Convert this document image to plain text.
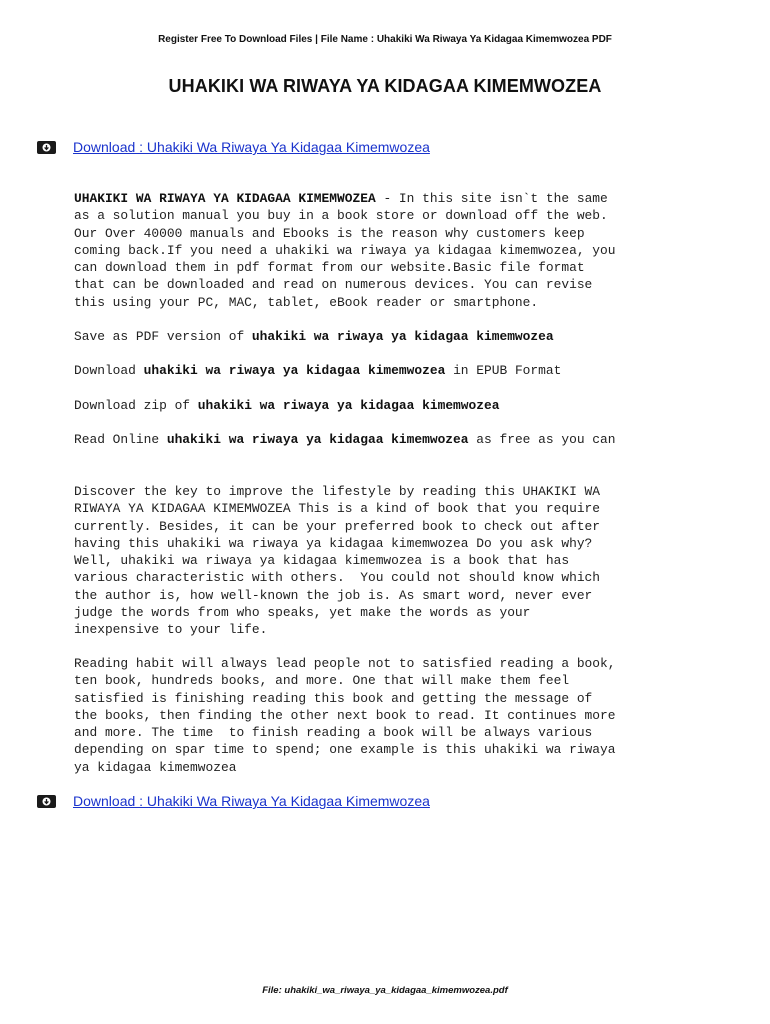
Register Free To Download Files | File Name : Uhakiki Wa Riwaya Ya Kidagaa Kimemwozea PDF
UHAKIKI WA RIWAYA YA KIDAGAA KIMEMWOZEA
Download : Uhakiki Wa Riwaya Ya Kidagaa Kimemwozea
UHAKIKI WA RIWAYA YA KIDAGAA KIMEMWOZEA - In this site isn`t the same
as a solution manual you buy in a book store or download off the web.
Our Over 40000 manuals and Ebooks is the reason why customers keep
coming back.If you need a uhakiki wa riwaya ya kidagaa kimemwozea, you
can download them in pdf format from our website.Basic file format
that can be downloaded and read on numerous devices. You can revise
this using your PC, MAC, tablet, eBook reader or smartphone.
Save as PDF version of uhakiki wa riwaya ya kidagaa kimemwozea
Download uhakiki wa riwaya ya kidagaa kimemwozea in EPUB Format
Download zip of uhakiki wa riwaya ya kidagaa kimemwozea
Read Online uhakiki wa riwaya ya kidagaa kimemwozea as free as you can
Discover the key to improve the lifestyle by reading this UHAKIKI WA
RIWAYA YA KIDAGAA KIMEMWOZEA This is a kind of book that you require
currently. Besides, it can be your preferred book to check out after
having this uhakiki wa riwaya ya kidagaa kimemwozea Do you ask why?
Well, uhakiki wa riwaya ya kidagaa kimemwozea is a book that has
various characteristic with others.  You could not should know which
the author is, how well-known the job is. As smart word, never ever
judge the words from who speaks, yet make the words as your
inexpensive to your life.
Reading habit will always lead people not to satisfied reading a book,
ten book, hundreds books, and more. One that will make them feel
satisfied is finishing reading this book and getting the message of
the books, then finding the other next book to read. It continues more
and more. The time  to finish reading a book will be always various
depending on spar time to spend; one example is this uhakiki wa riwaya
ya kidagaa kimemwozea
Download : Uhakiki Wa Riwaya Ya Kidagaa Kimemwozea
File: uhakiki_wa_riwaya_ya_kidagaa_kimemwozea.pdf
